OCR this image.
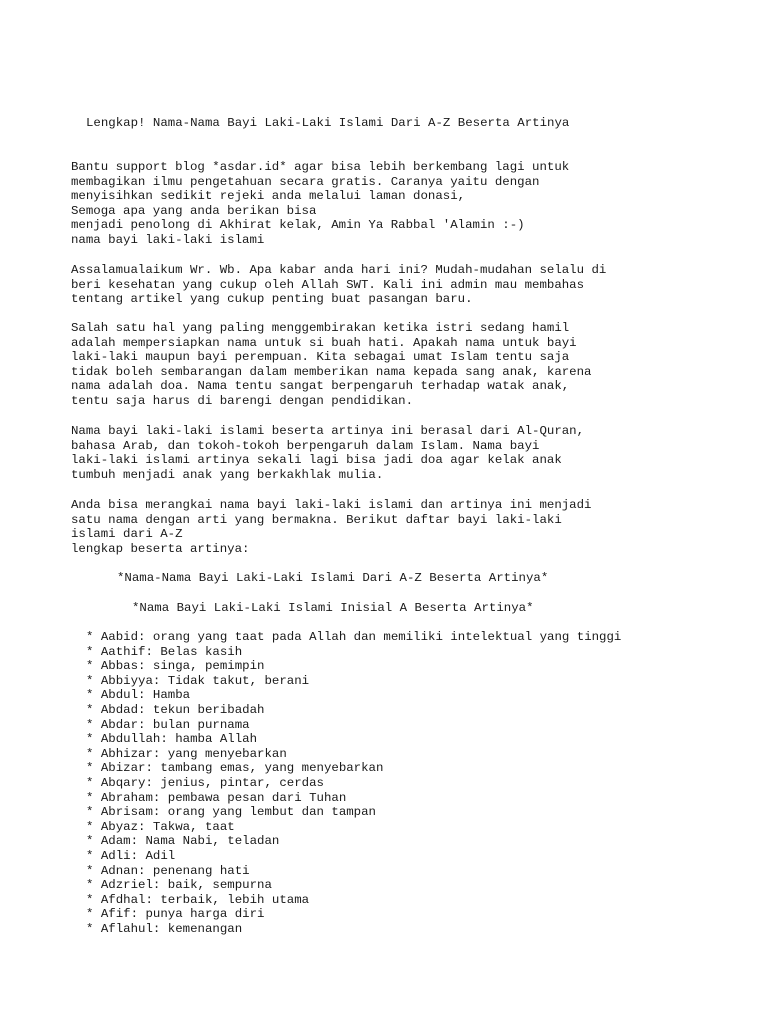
Lengkap! Nama-Nama Bayi Laki-Laki Islami Dari A-Z Beserta Artinya
Bantu support blog *asdar.id* agar bisa lebih berkembang lagi untuk
membagikan ilmu pengetahuan secara gratis. Caranya yaitu dengan
menyisihkan sedikit rejeki anda melalui laman donasi,
Semoga apa yang anda berikan bisa
menjadi penolong di Akhirat kelak, Amin Ya Rabbal 'Alamin :-)
nama bayi laki-laki islami
Assalamualaikum Wr. Wb. Apa kabar anda hari ini? Mudah-mudahan selalu di
beri kesehatan yang cukup oleh Allah SWT. Kali ini admin mau membahas
tentang artikel yang cukup penting buat pasangan baru.
Salah satu hal yang paling menggembirakan ketika istri sedang hamil
adalah mempersiapkan nama untuk si buah hati. Apakah nama untuk bayi
laki-laki maupun bayi perempuan. Kita sebagai umat Islam tentu saja
tidak boleh sembarangan dalam memberikan nama kepada sang anak, karena
nama adalah doa. Nama tentu sangat berpengaruh terhadap watak anak,
tentu saja harus di barengi dengan pendidikan.
Nama bayi laki-laki islami beserta artinya ini berasal dari Al-Quran,
bahasa Arab, dan tokoh-tokoh berpengaruh dalam Islam. Nama bayi
laki-laki islami artinya sekali lagi bisa jadi doa agar kelak anak
tumbuh menjadi anak yang berkakhlak mulia.
Anda bisa merangkai nama bayi laki-laki islami dan artinya ini menjadi
satu nama dengan arti yang bermakna. Berikut daftar bayi laki-laki
islami dari A-Z
lengkap beserta artinya:
*Nama-Nama Bayi Laki-Laki Islami Dari A-Z Beserta Artinya*
*Nama Bayi Laki-Laki Islami Inisial A Beserta Artinya*
* Aabid: orang yang taat pada Allah dan memiliki intelektual yang tinggi
* Aathif: Belas kasih
* Abbas: singa, pemimpin
* Abbiyya: Tidak takut, berani
* Abdul: Hamba
* Abdad: tekun beribadah
* Abdar: bulan purnama
* Abdullah: hamba Allah
* Abhizar: yang menyebarkan
* Abizar: tambang emas, yang menyebarkan
* Abqary: jenius, pintar, cerdas
* Abraham: pembawa pesan dari Tuhan
* Abrisam: orang yang lembut dan tampan
* Abyaz: Takwa, taat
* Adam: Nama Nabi, teladan
* Adli: Adil
* Adnan: penenang hati
* Adzriel: baik, sempurna
* Afdhal: terbaik, lebih utama
* Afif: punya harga diri
* Aflahul: kemenangan
